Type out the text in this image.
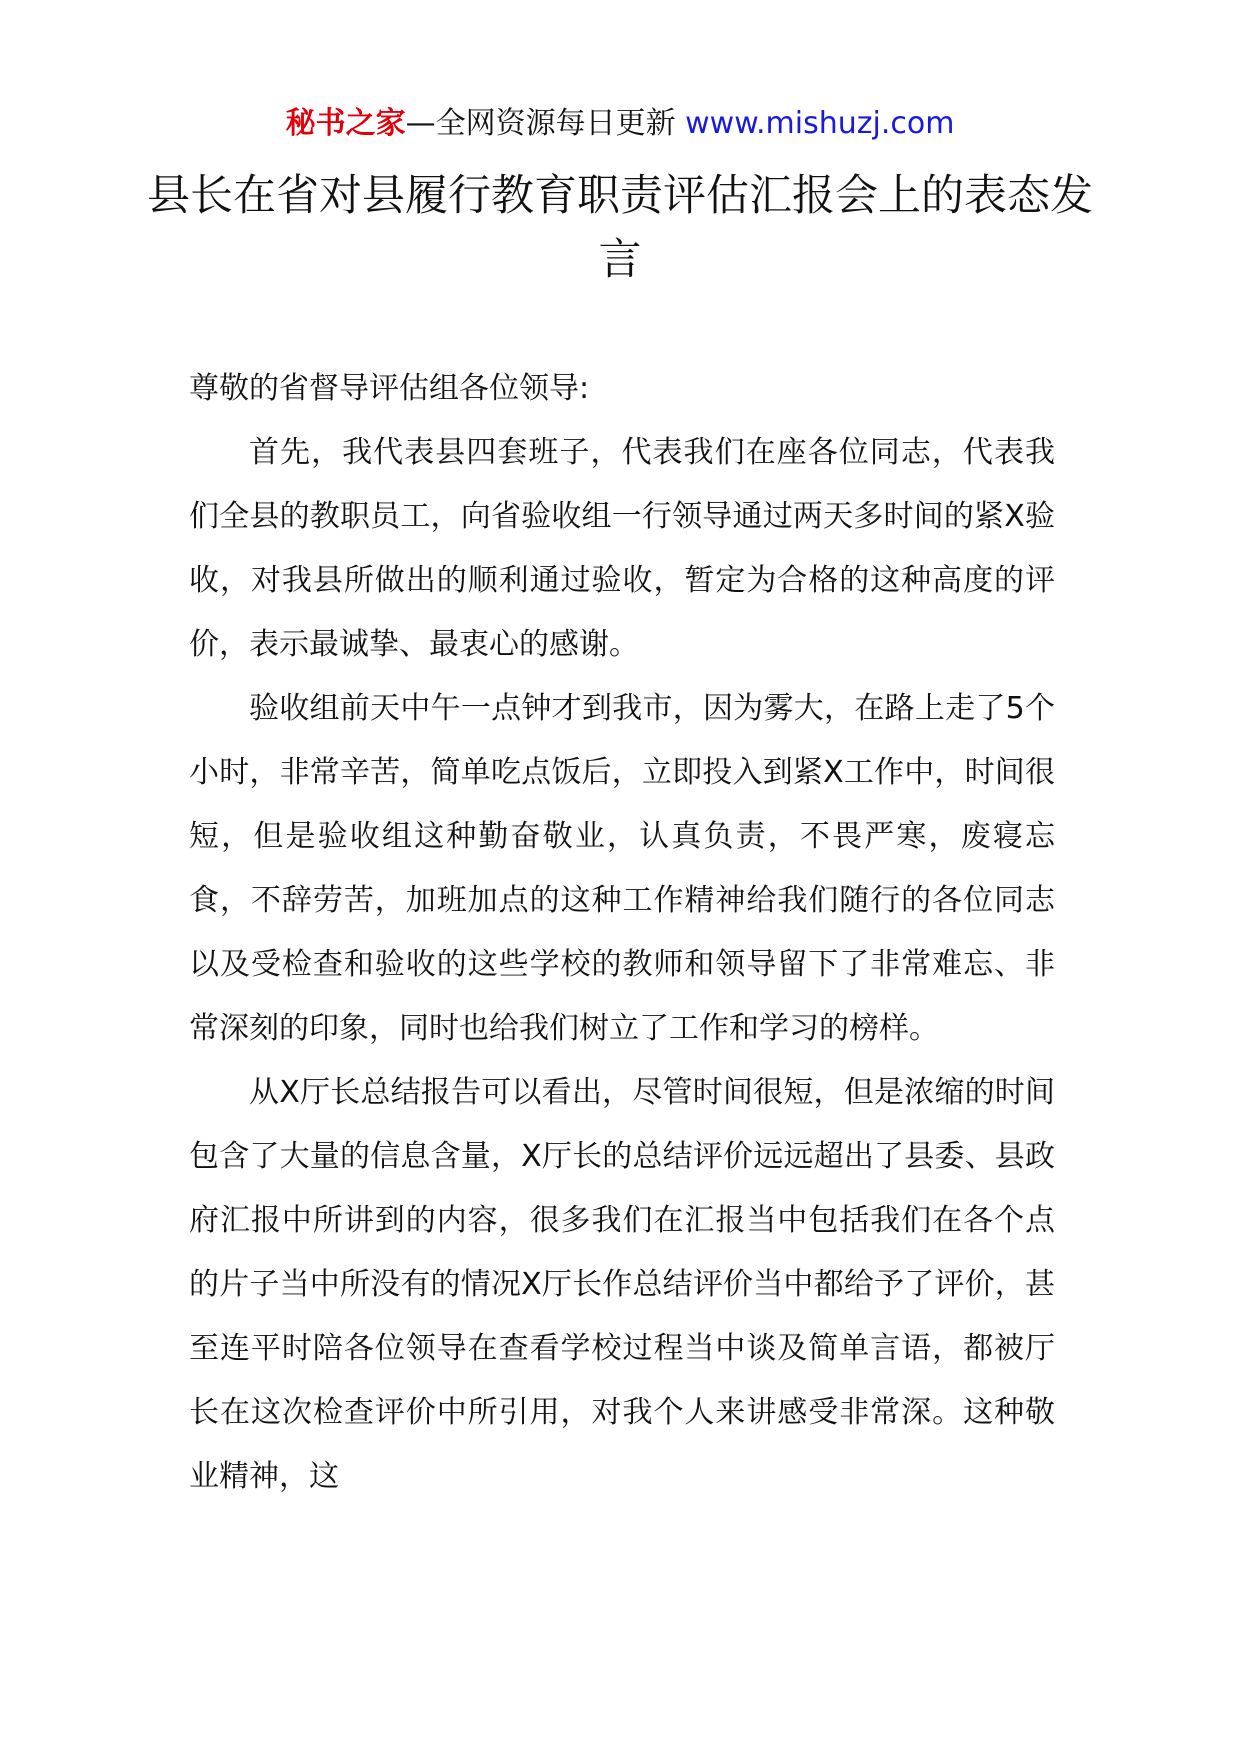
秘书之家—全网资源每日更新 www.mishuzj.com
县长在省对县履行教育职责评估汇报会上的表态发言

尊敬的省督导评估组各位领导:

首先，我代表县四套班子，代表我们在座各位同志，代表我们全县的教职员工，向省验收组一行领导通过两天多时间的紧X验收，对我县所做出的顺利通过验收，暂定为合格的这种高度的评价，表示最诚挚、最衷心的感谢。

验收组前天中午一点钟才到我市，因为雾大，在路上走了5个小时，非常辛苦，简单吃点饭后，立即投入到紧X工作中，时间很短，但是验收组这种勤奋敬业，认真负责，不畏严寒，废寝忘食，不辞劳苦，加班加点的这种工作精神给我们随行的各位同志以及受检查和验收的这些学校的教师和领导留下了非常难忘、非常深刻的印象，同时也给我们树立了工作和学习的榜样。

从X厅长总结报告可以看出，尽管时间很短，但是浓缩的时间包含了大量的信息含量，X厅长的总结评价远远超出了县委、县政府汇报中所讲到的内容，很多我们在汇报当中包括我们在各个点的片子当中所没有的情况X厅长作总结评价当中都给予了评价，甚至连平时陪各位领导在查看学校过程当中谈及简单言语，都被厅长在这次检查评价中所引用，对我个人来讲感受非常深。这种敬业精神，这
